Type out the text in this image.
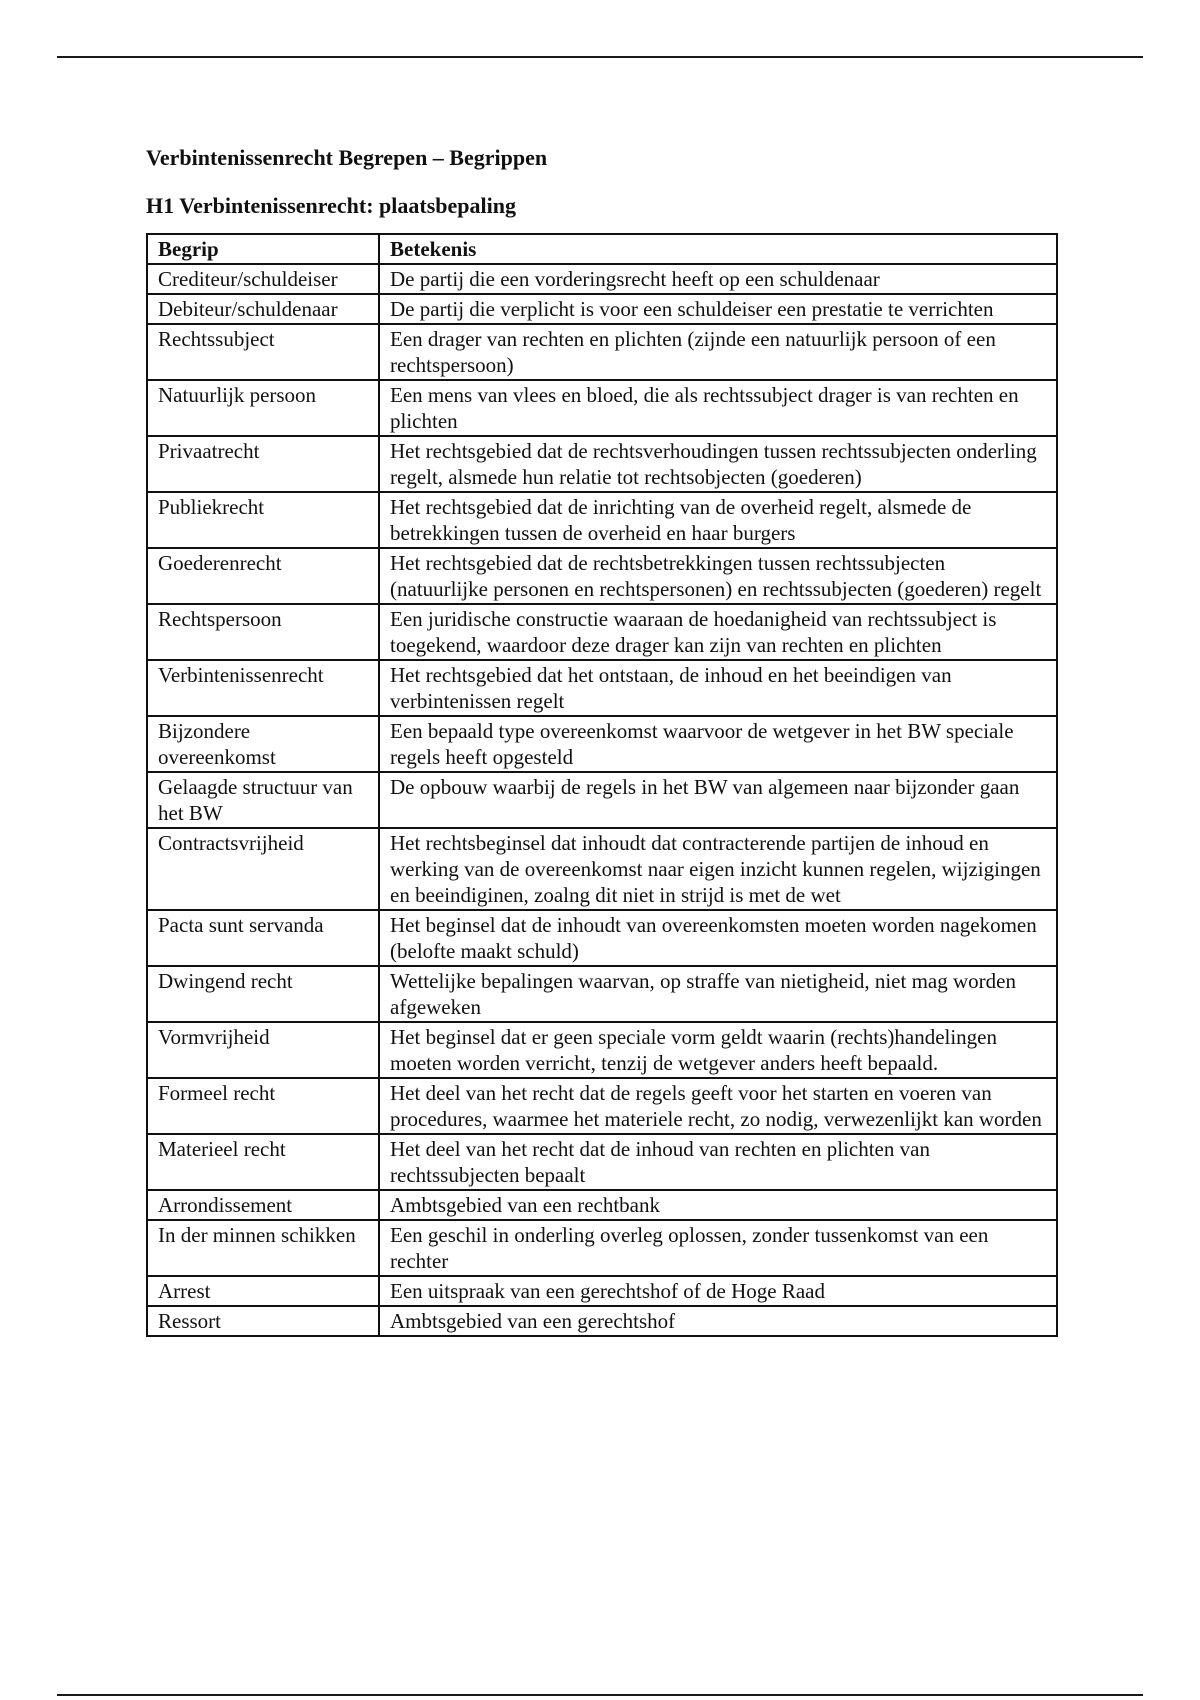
Verbintenissenrecht Begrepen – Begrippen

H1 Verbintenissenrecht: plaatsbepaling

Begrip	Betekenis
Crediteur/schuldeiser	De partij die een vorderingsrecht heeft op een schuldenaar
Debiteur/schuldenaar	De partij die verplicht is voor een schuldeiser een prestatie te verrichten
Rechtssubject	Een drager van rechten en plichten (zijnde een natuurlijk persoon of een rechtspersoon)
Natuurlijk persoon	Een mens van vlees en bloed, die als rechtssubject drager is van rechten en plichten
Privaatrecht	Het rechtsgebied dat de rechtsverhoudingen tussen rechtssubjecten onderling regelt, alsmede hun relatie tot rechtsobjecten (goederen)
Publiekrecht	Het rechtsgebied dat de inrichting van de overheid regelt, alsmede de betrekkingen tussen de overheid en haar burgers
Goederenrecht	Het rechtsgebied dat de rechtsbetrekkingen tussen rechtssubjecten (natuurlijke personen en rechtspersonen) en rechtssubjecten (goederen) regelt
Rechtspersoon	Een juridische constructie waaraan de hoedanigheid van rechtssubject is toegekend, waardoor deze drager kan zijn van rechten en plichten
Verbintenissenrecht	Het rechtsgebied dat het ontstaan, de inhoud en het beeindigen van verbintenissen regelt
Bijzondere overeenkomst	Een bepaald type overeenkomst waarvoor de wetgever in het BW speciale regels heeft opgesteld
Gelaagde structuur van het BW	De opbouw waarbij de regels in het BW van algemeen naar bijzonder gaan
Contractsvrijheid	Het rechtsbeginsel dat inhoudt dat contracterende partijen de inhoud en werking van de overeenkomst naar eigen inzicht kunnen regelen, wijzigingen en beeindiginen, zoalng dit niet in strijd is met de wet
Pacta sunt servanda	Het beginsel dat de inhoudt van overeenkomsten moeten worden nagekomen (belofte maakt schuld)
Dwingend recht	Wettelijke bepalingen waarvan, op straffe van nietigheid, niet mag worden afgeweken
Vormvrijheid	Het beginsel dat er geen speciale vorm geldt waarin (rechts)handelingen moeten worden verricht, tenzij de wetgever anders heeft bepaald.
Formeel recht	Het deel van het recht dat de regels geeft voor het starten en voeren van procedures, waarmee het materiele recht, zo nodig, verwezenlijkt kan worden
Materieel recht	Het deel van het recht dat de inhoud van rechten en plichten van rechtssubjecten bepaalt
Arrondissement	Ambtsgebied van een rechtbank
In der minnen schikken	Een geschil in onderling overleg oplossen, zonder tussenkomst van een rechter
Arrest	Een uitspraak van een gerechtshof of de Hoge Raad
Ressort	Ambtsgebied van een gerechtshof
